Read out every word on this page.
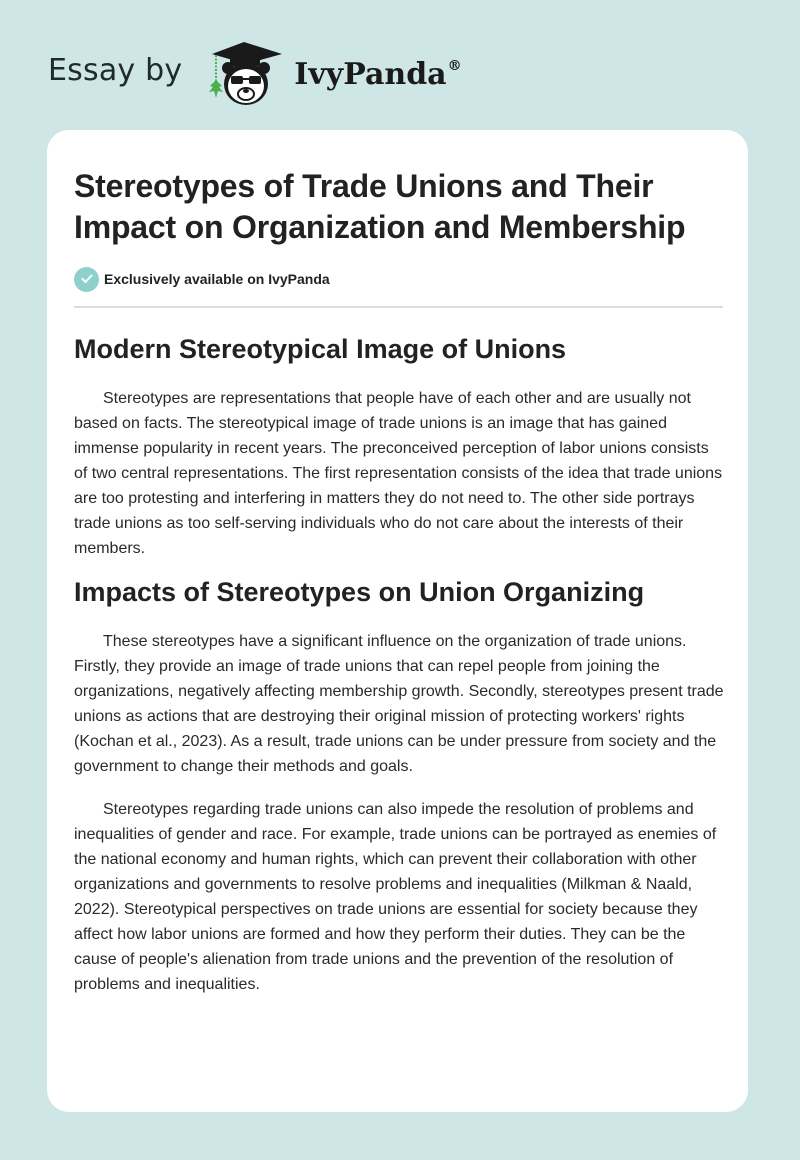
Essay by	IvyPanda®
Stereotypes of Trade Unions and Their Impact on Organization and Membership
Exclusively available on IvyPanda
Modern Stereotypical Image of Unions

Stereotypes are representations that people have of each other and are usually not based on facts. The stereotypical image of trade unions is an image that has gained immense popularity in recent years. The preconceived perception of labor unions consists of two central representations. The first representation consists of the idea that trade unions are too protesting and interfering in matters they do not need to. The other side portrays trade unions as too self-serving individuals who do not care about the interests of their members.

Impacts of Stereotypes on Union Organizing

These stereotypes have a significant influence on the organization of trade unions. Firstly, they provide an image of trade unions that can repel people from joining the organizations, negatively affecting membership growth. Secondly, stereotypes present trade unions as actions that are destroying their original mission of protecting workers' rights (Kochan et al., 2023). As a result, trade unions can be under pressure from society and the government to change their methods and goals.

Stereotypes regarding trade unions can also impede the resolution of problems and inequalities of gender and race. For example, trade unions can be portrayed as enemies of the national economy and human rights, which can prevent their collaboration with other organizations and governments to resolve problems and inequalities (Milkman & Naald, 2022). Stereotypical perspectives on trade unions are essential for society because they affect how labor unions are formed and how they perform their duties. They can be the cause of people's alienation from trade unions and the prevention of the resolution of problems and inequalities.
